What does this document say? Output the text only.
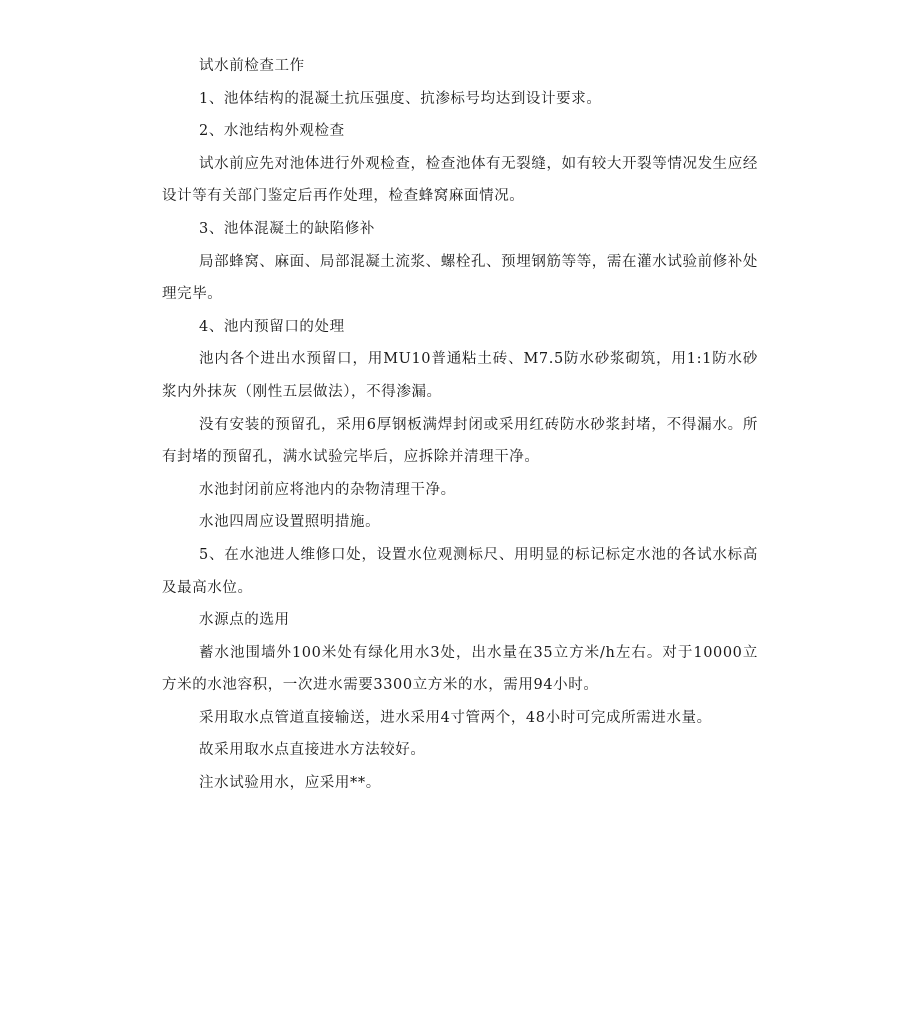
试水前检查工作

1、池体结构的混凝土抗压强度、抗渗标号均达到设计要求。

2、水池结构外观检查

试水前应先对池体进行外观检查，检查池体有无裂缝，如有较大开裂等情况发生应经设计等有关部门鉴定后再作处理，检查蜂窝麻面情况。

3、池体混凝土的缺陷修补

局部蜂窝、麻面、局部混凝土流浆、螺栓孔、预埋钢筋等等，需在灌水试验前修补处理完毕。

4、池内预留口的处理

池内各个进出水预留口，用MU10普通粘土砖、M7.5防水砂浆砌筑，用1:1防水砂浆内外抹灰（刚性五层做法），不得渗漏。

没有安装的预留孔，采用6厚钢板满焊封闭或采用红砖防水砂浆封堵，不得漏水。所有封堵的预留孔，满水试验完毕后，应拆除并清理干净。

水池封闭前应将池内的杂物清理干净。

水池四周应设置照明措施。

5、在水池进人维修口处，设置水位观测标尺、用明显的标记标定水池的各试水标高及最高水位。

水源点的选用

蓄水池围墙外100米处有绿化用水3处，出水量在35立方米/h左右。对于10000立方米的水池容积，一次进水需要3300立方米的水，需用94小时。

采用取水点管道直接输送，进水采用4寸管两个，48小时可完成所需进水量。

故采用取水点直接进水方法较好。

注水试验用水，应采用**。
